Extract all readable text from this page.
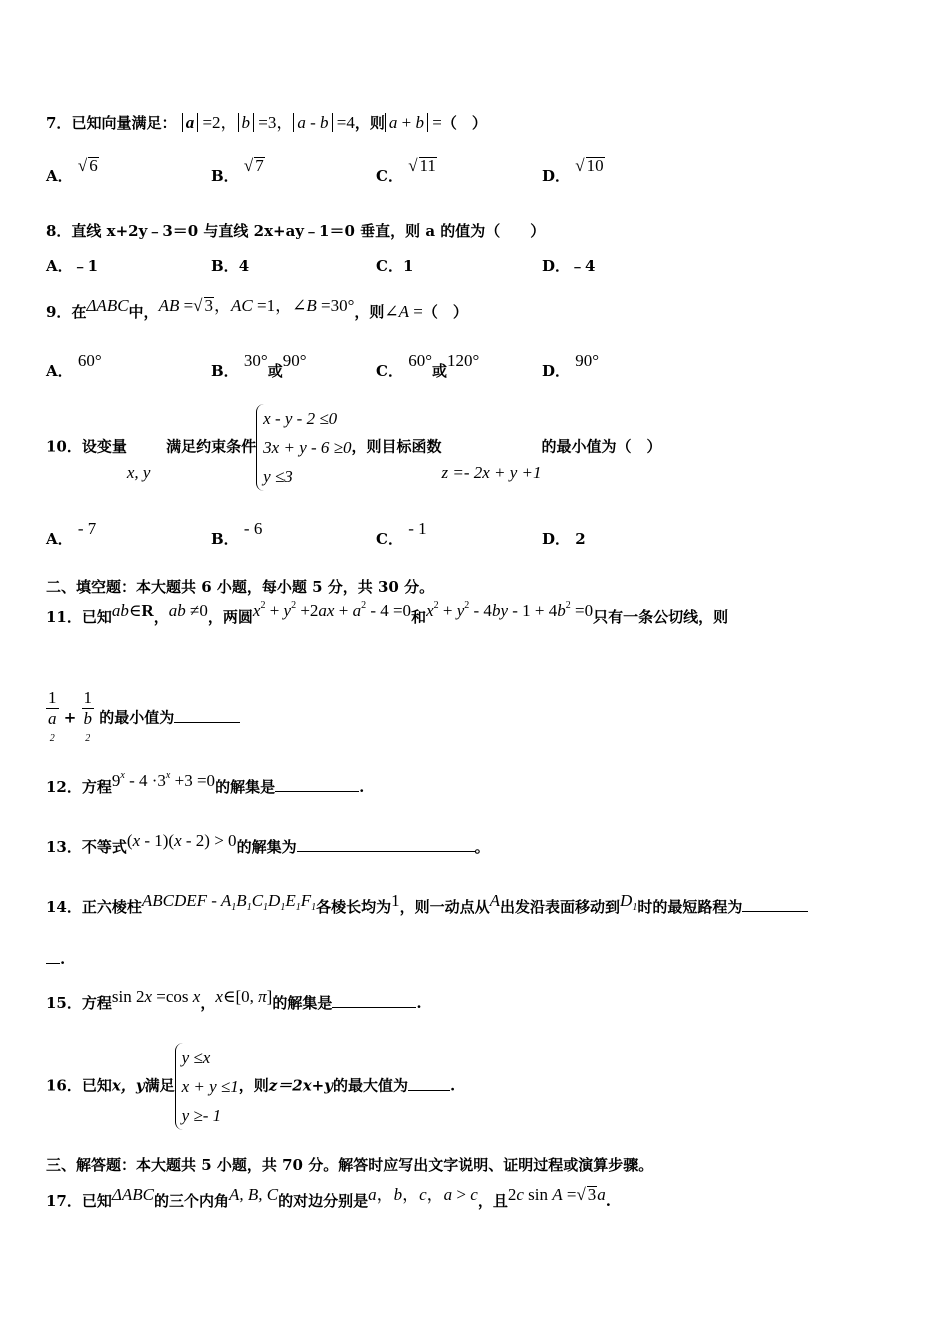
7．已知向量满足： a =2， b =3， a - b =4，则 a + b =（　）
A． √ 6
B． √ 7
C． √ 11
D． √ 10
8．直线 x+2y﹣3＝0 与直线 2x+ay﹣1＝0 垂直，则 a 的值为（　　）
A．﹣1	B．4	C．1	D．﹣4
9．在ΔABC中，AB =√ 3，AC =1，∠B =30°，则∠A =（　）
A． 60°
B． 30°或90°
C． 60°或120°
D． 90°
10．设变量x, y   满足约束条件
x - y - 2 ≤0
3x + y - 6 ≥0
y ≤3
，则目标函数z =- 2x + y +1的最小值为（　）
A． - 7
B． - 6
C． - 1
D． 2
二、填空题：本大题共 6 小题，每小题 5 分，共 30 分。
11．已知ab∈R，ab ≠0，两圆$x^2 + y^2 +2ax + a^2 - 4 =0$和$x^2 + y^2 - 4by - 1 + 4b^2 =0$只有一条公切线，则
1
a
2 + 1
b
2 的最小值为
12．方程$9^x - 4 \cdot 3^x +3 =0$的解集是	.
13．不等式(x - 1)(x - 2) > 0的解集为	。
14．正六棱柱ABCDEF - $A_1B_1C_1D_1E_1F_1$各棱长均为1，则一动点从A出发沿表面移动到$D_1$时的最短路程为
.
15．方程sin 2x =cos x，x∈[0, π]的解集是	.
16．已知x，y满足
y ≤x
x + y ≤1
y ≥- 1
，则z＝2x+y的最大值为	.
三、解答题：本大题共 5 小题，共 70 分。解答时应写出文字说明、证明过程或演算步骤。
17．已知ΔABC的三个内角A, B, C的对边分别是a，b，c，a > c，且2c sin A =√ 3a.
